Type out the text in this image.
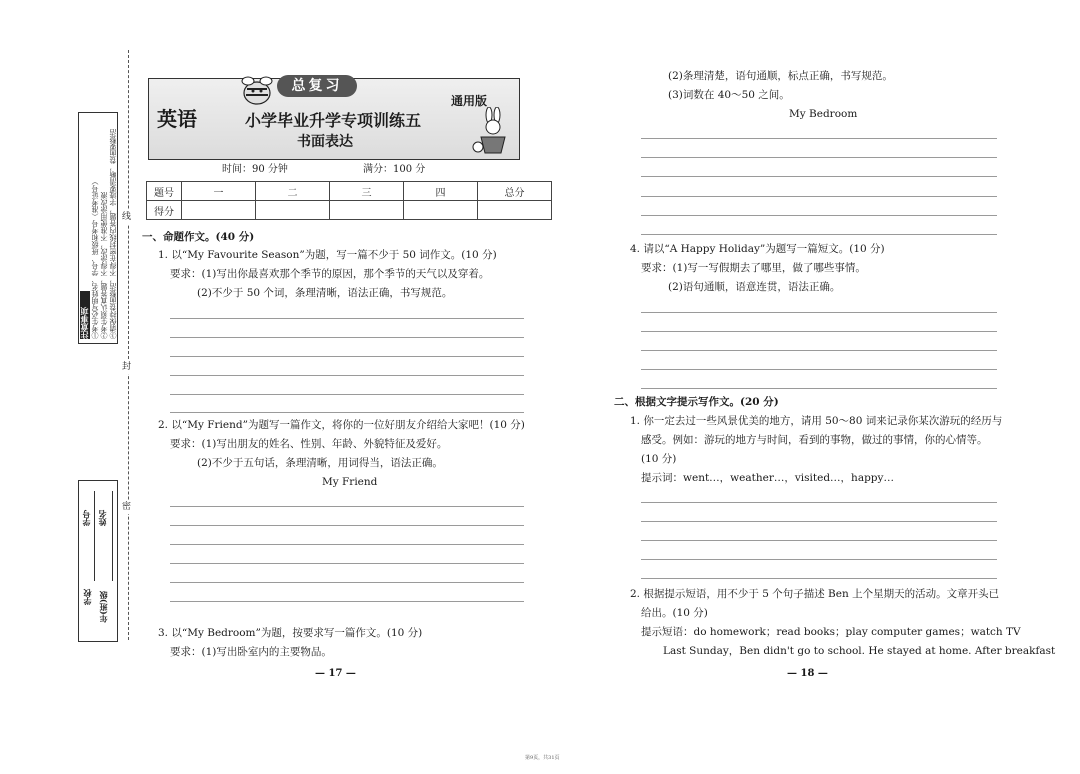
注意事项 ①考生必写明姓名、学号、班级和考号（准考证号） ②考生须认真答题，不得涂改，不准使用涂改液 ③请保持卷面整洁，不得在密封线内答题，字迹要清晰，卷面要整洁
学校 年(班)级
学号 姓名
线
封
密
总复习
英语	小学毕业升学专项训练五
书面表达
通用版
时间：90 分钟	满分：100 分
题号	一	二	三	四	总分
得分					
一、命题作文。(40 分)
1. 以“My Favourite Season”为题，写一篇不少于 50 词作文。(10 分)
要求：(1)写出你最喜欢那个季节的原因，那个季节的天气以及穿着。
(2)不少于 50 个词，条理清晰，语法正确，书写规范。
2. 以“My Friend”为题写一篇作文，将你的一位好朋友介绍给大家吧！(10 分)
要求：(1)写出朋友的姓名、性别、年龄、外貌特征及爱好。
(2)不少于五句话，条理清晰，用词得当，语法正确。
My Friend
3. 以“My Bedroom”为题，按要求写一篇作文。(10 分)
要求：(1)写出卧室内的主要物品。
— 17 —
(2)条理清楚，语句通顺，标点正确，书写规范。
(3)词数在 40～50 之间。
My Bedroom
4. 请以“A Happy Holiday”为题写一篇短文。(10 分)
要求：(1)写一写假期去了哪里，做了哪些事情。
(2)语句通顺，语意连贯，语法正确。
二、根据文字提示写作文。(20 分)
1. 你一定去过一些风景优美的地方，请用 50～80 词来记录你某次游玩的经历与
感受。例如：游玩的地方与时间，看到的事物，做过的事情，你的心情等。
(10 分)
提示词：went…，weather…，visited…，happy…
2. 根据提示短语，用不少于 5 个句子描述 Ben 上个星期天的活动。文章开头已
给出。(10 分)
提示短语：do homework；read books；play computer games；watch TV
Last Sunday，Ben didn't go to school. He stayed at home. After breakfast
— 18 —
第9页，共31页
